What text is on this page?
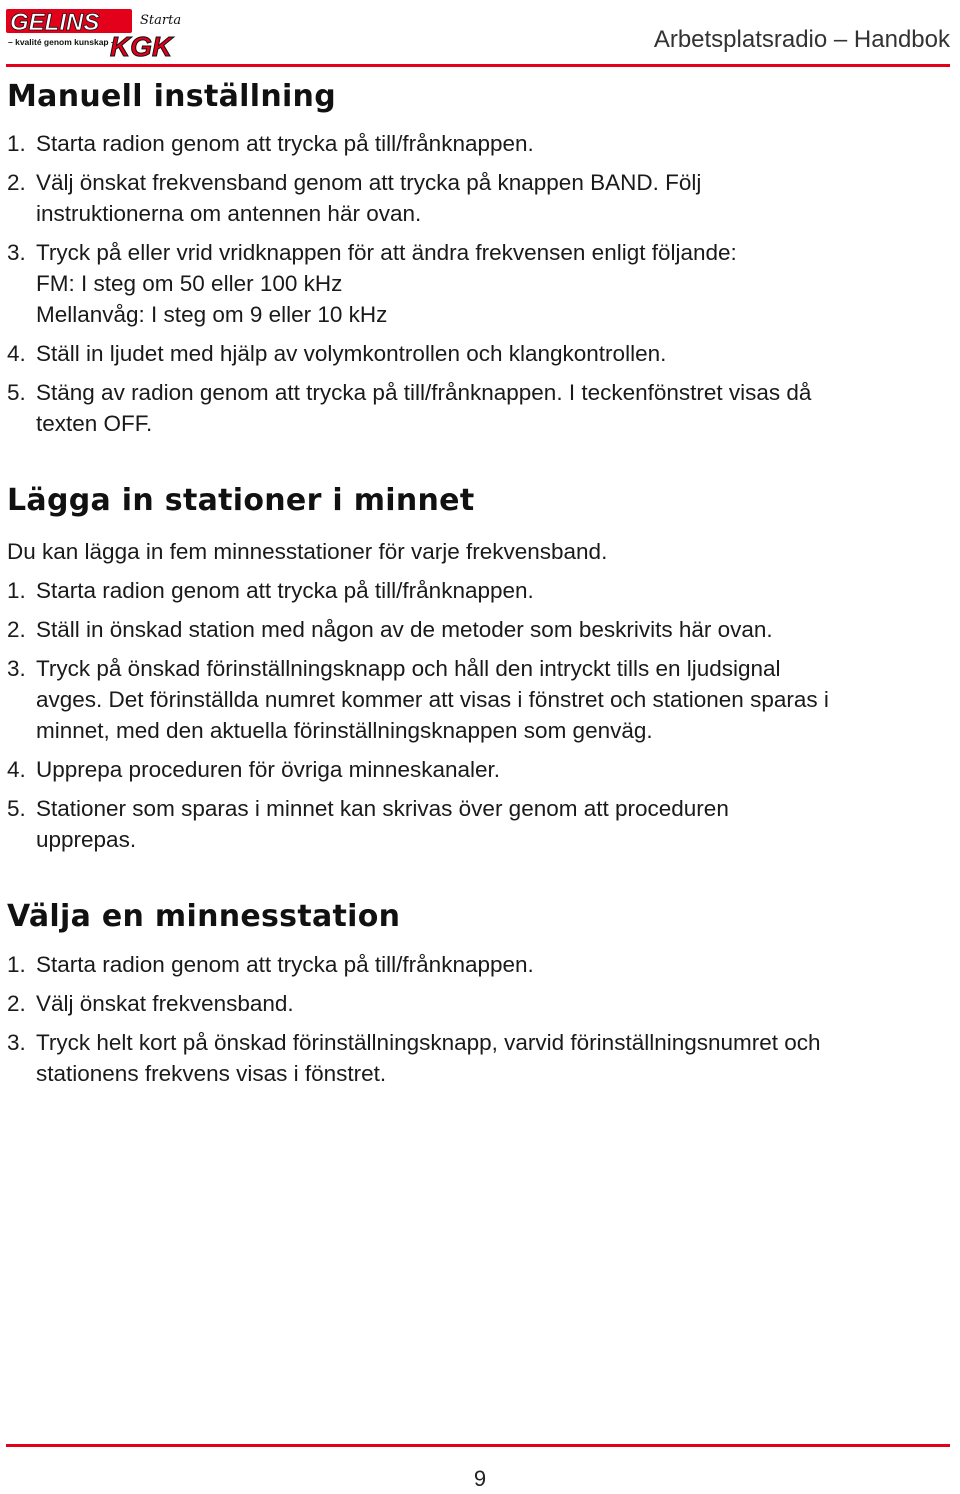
GELINS
– kvalité genom kunskap –
KGK
Starta
Arbetsplatsradio – Handbok
Manuell inställning
1. Starta radion genom att trycka på till/frånknappen.
2. Välj önskat frekvensband genom att trycka på knappen BAND. Följ
instruktionerna om antennen här ovan.
3. Tryck på eller vrid vridknappen för att ändra frekvensen enligt följande:
FM: I steg om 50 eller 100 kHz
Mellanvåg: I steg om 9 eller 10 kHz
4. Ställ in ljudet med hjälp av volymkontrollen och klangkontrollen.
5. Stäng av radion genom att trycka på till/frånknappen. I teckenfönstret visas då
texten OFF.
Lägga in stationer i minnet

Du kan lägga in fem minnesstationer för varje frekvensband.

1. Starta radion genom att trycka på till/frånknappen.
2. Ställ in önskad station med någon av de metoder som beskrivits här ovan.
3. Tryck på önskad förinställningsknapp och håll den intryckt tills en ljudsignal
avges. Det förinställda numret kommer att visas i fönstret och stationen sparas i
minnet, med den aktuella förinställningsknappen som genväg.
4. Upprepa proceduren för övriga minneskanaler.
5. Stationer som sparas i minnet kan skrivas över genom att proceduren
upprepas.
Välja en minnesstation
1. Starta radion genom att trycka på till/frånknappen.
2. Välj önskat frekvensband.
3. Tryck helt kort på önskad förinställningsknapp, varvid förinställningsnumret och
stationens frekvens visas i fönstret.
9
